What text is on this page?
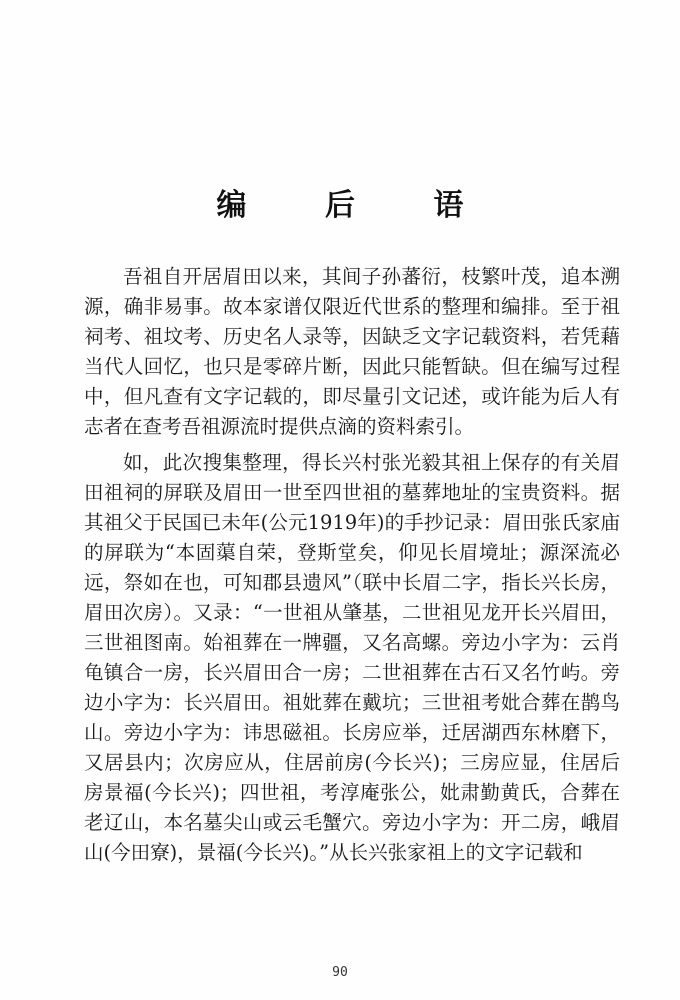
编 后 语

吾祖自开居眉田以来，其间子孙蕃衍，枝繁叶茂，追本溯源，确非易事。故本家谱仅限近代世系的整理和编排。至于祖祠考、祖坟考、历史名人录等，因缺乏文字记载资料，若凭藉当代人回忆，也只是零碎片断，因此只能暂缺。但在编写过程中，但凡查有文字记载的，即尽量引文记述，或许能为后人有志者在查考吾祖源流时提供点滴的资料索引。

如，此次搜集整理，得长兴村张光毅其祖上保存的有关眉田祖祠的屏联及眉田一世至四世祖的墓葬地址的宝贵资料。据其祖父于民国已未年(公元1919年)的手抄记录：眉田张氏家庙的屏联为“本固蕖自荣，登斯堂矣，仰见长眉境址；源深流必远，祭如在也，可知郡县遗风”（联中长眉二字，指长兴长房，眉田次房）。又录：“一世祖从肇基，二世祖见龙开长兴眉田，三世祖图南。始祖葬在一牌疆，又名高螺。旁边小字为：云肖龟镇合一房，长兴眉田合一房；二世祖葬在古石又名竹屿。旁边小字为：长兴眉田。祖妣葬在戴坑；三世祖考妣合葬在鹊鸟山。旁边小字为：讳思磁祖。长房应举，迁居湖西东林磨下，又居县内；次房应从，住居前房(今长兴)；三房应显，住居后房景福(今长兴)；四世祖，考淳庵张公，妣肃勤黄氏，合葬在老辽山，本名墓尖山或云毛蟹穴。旁边小字为：开二房，峨眉山(今田寮)，景福(今长兴)。”从长兴张家祖上的文字记载和

90
